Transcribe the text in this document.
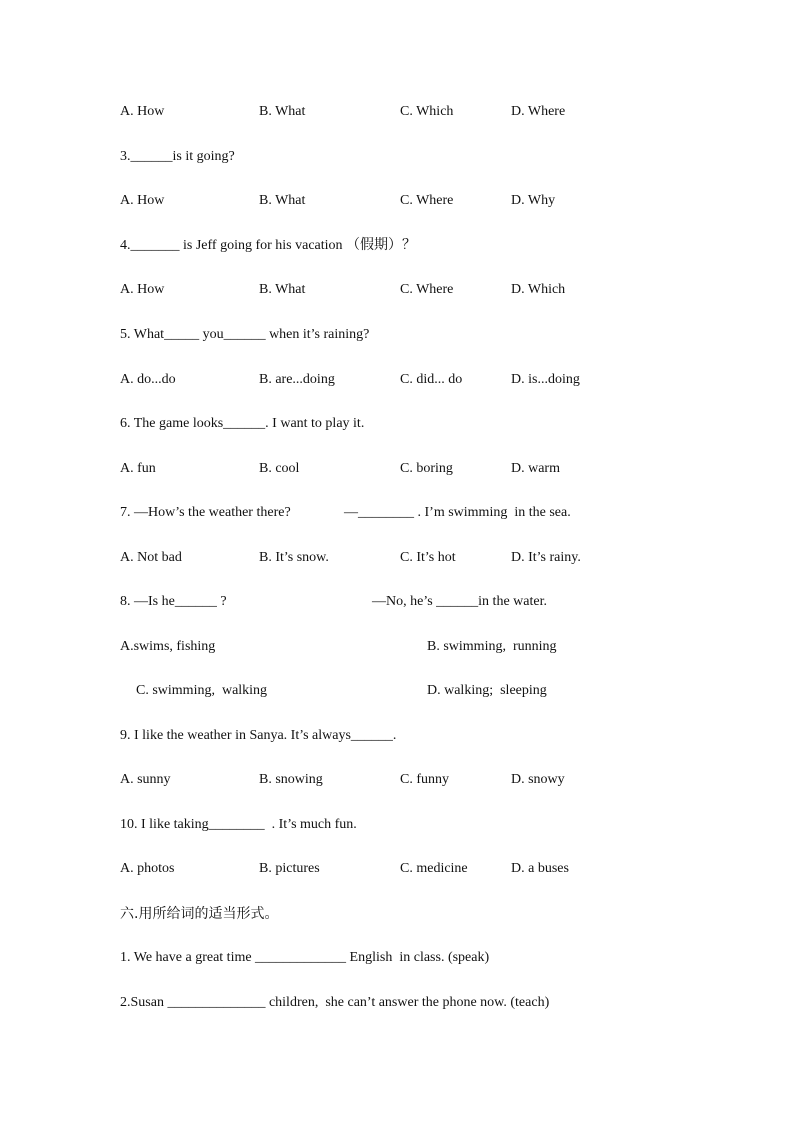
A. How	B. What	C. Which	D. Where
3.______is it going?
A. How	B. What	C. Where	D. Why
4._______ is Jeff going for his vacation （假期）？
A. How	B. What	C. Where	D. Which
5. What_____ you______ when it’s raining?
A. do...do	B. are...doing	C. did... do	D. is...doing
6. The game looks______. I want to play it.
A. fun	B. cool	C. boring	D. warm
7. —How’s the weather there?	—________ . I’m swimming  in the sea.
A. Not bad	B. It’s snow.	C. It’s hot	D. It’s rainy.
8. —Is he______ ?	—No, he’s ______in the water.
A.swims, fishing	B. swimming,  running
C. swimming,  walking	D. walking;  sleeping
9. I like the weather in Sanya. It’s always______.
A. sunny	B. snowing	C. funny	D. snowy
10. I like taking________  . It’s much fun.
A. photos	B. pictures	C. medicine	D. a buses
六.用所给词的适当形式。
1. We have a great time _____________ English  in class. (speak)
2.Susan ______________ children,  she can’t answer the phone now. (teach)
